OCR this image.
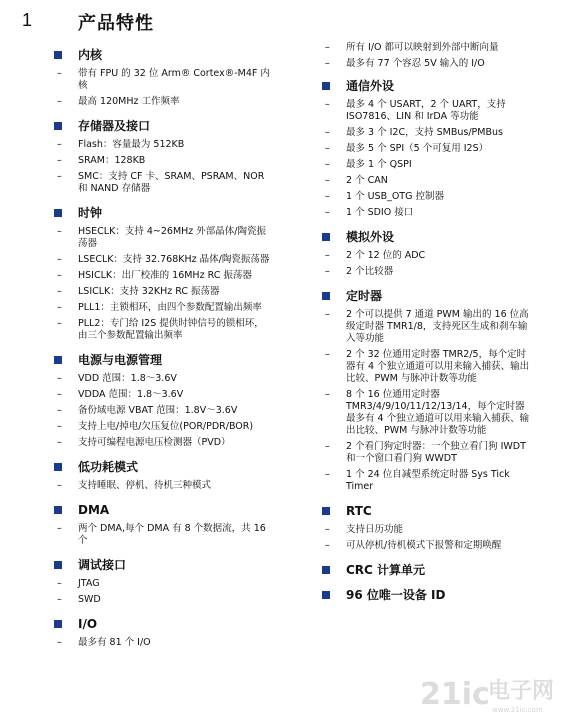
1	产品特性
内核
– 带有 FPU 的 32 位 Arm® Cortex®-M4F 内核
– 最高 120MHz 工作频率
存储器及接口
– Flash：容量最为 512KB
– SRAM：128KB
– SMC：支持 CF 卡、SRAM、PSRAM、NOR 和 NAND 存储器
时钟
– HSECLK：支持 4~26MHz 外部晶体/陶瓷振荡器
– LSECLK：支持 32.768KHz 晶体/陶瓷振荡器
– HSICLK：出厂校准的 16MHz RC 振荡器
– LSICLK：支持 32KHz RC 振荡器
– PLL1：主锁相环，由四个参数配置输出频率
– PLL2：专门给 I2S 提供时钟信号的锁相环，由三个参数配置输出频率
电源与电源管理
– VDD 范围：1.8～3.6V
– VDDA 范围：1.8～3.6V
– 备份域电源 VBAT 范围：1.8V～3.6V
– 支持上电/掉电/欠压复位(POR/PDR/BOR)
– 支持可编程电源电压检测器（PVD）
低功耗模式
– 支持睡眠、停机、待机三种模式
DMA
– 两个 DMA,每个 DMA 有 8 个数据流，共 16 个
调试接口
– JTAG
– SWD
I/O
– 最多有 81 个 I/O
– 所有 I/O 都可以映射到外部中断向量
– 最多有 77 个容忍 5V 输入的 I/O
通信外设
– 最多 4 个 USART，2 个 UART，支持 ISO7816、LIN 和 IrDA 等功能
– 最多 3 个 I2C，支持 SMBus/PMBus
– 最多 5 个 SPI（5 个可复用 I2S）
– 最多 1 个 QSPI
– 2 个 CAN
– 1 个 USB_OTG 控制器
– 1 个 SDIO 接口
模拟外设
– 2 个 12 位的 ADC
– 2 个比较器
定时器
– 2 个可以提供 7 通道 PWM 输出的 16 位高级定时器 TMR1/8，支持死区生成和刹车输入等功能
– 2 个 32 位通用定时器 TMR2/5，每个定时器有 4 个独立通道可以用来输入捕获、输出比较、PWM 与脉冲计数等功能
– 8 个 16 位通用定时器 TMR3/4/9/10/11/12/13/14，每个定时器最多有 4 个独立通道可以用来输入捕获、输出比较、PWM 与脉冲计数等功能
– 2 个看门狗定时器：一个独立看门狗 IWDT 和一个窗口看门狗 WWDT
– 1 个 24 位自减型系统定时器 Sys Tick Timer
RTC
– 支持日历功能
– 可从停机/待机模式下报警和定期唤醒
CRC 计算单元
96 位唯一设备 ID
21ic
电子网
www.21ic.com
